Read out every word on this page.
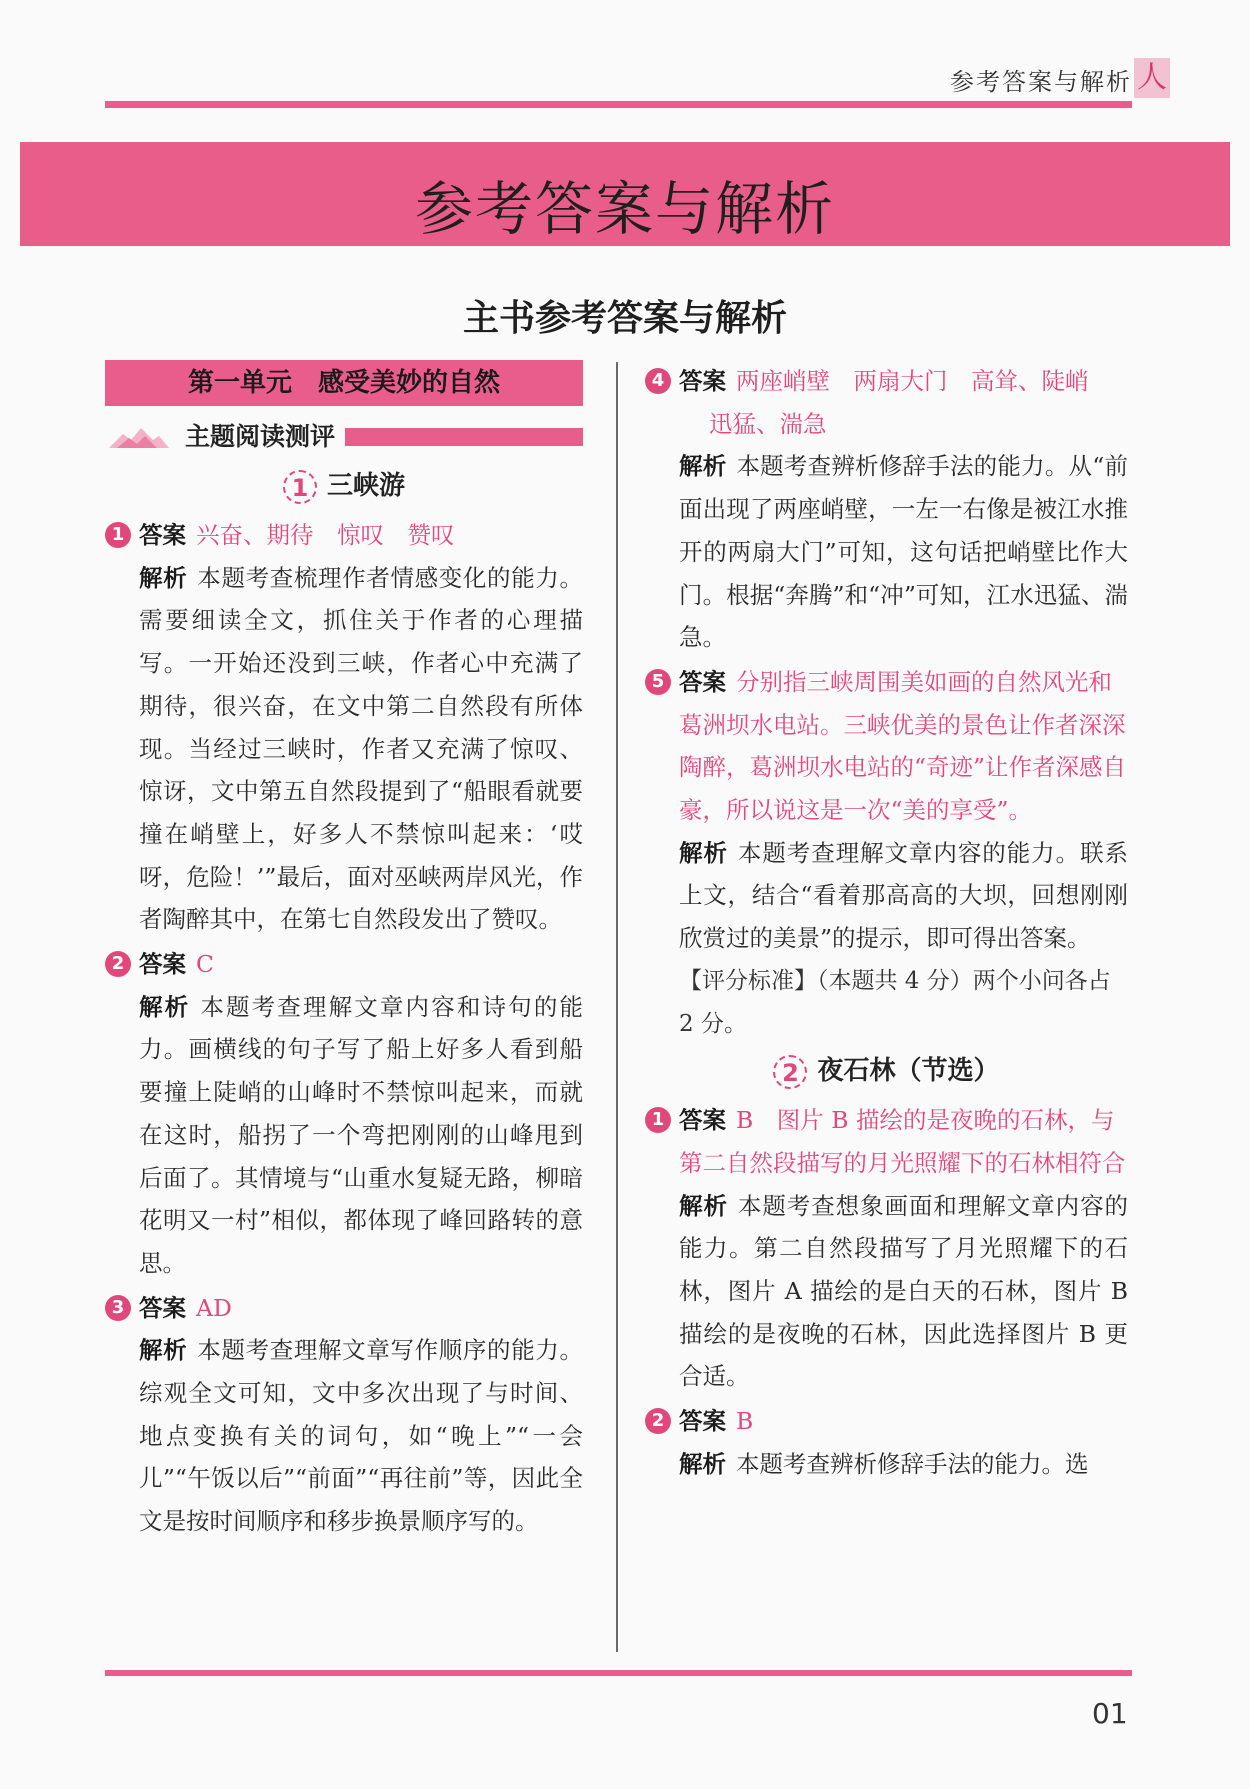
参考答案与解析 人
参考答案与解析
主书参考答案与解析
第一单元　感受美妙的自然
主题阅读测评
1 三峡游
1 答案 兴奋、期待　惊叹　赞叹
解析 本题考查梳理作者情感变化的能力。需要细读全文，抓住关于作者的心理描写。一开始还没到三峡，作者心中充满了期待，很兴奋，在文中第二自然段有所体现。当经过三峡时，作者又充满了惊叹、惊讶，文中第五自然段提到了“船眼看就要撞在峭壁上，好多人不禁惊叫起来：‘哎呀，危险！’”最后，面对巫峡两岸风光，作者陶醉其中，在第七自然段发出了赞叹。
2 答案 C
解析 本题考查理解文章内容和诗句的能力。画横线的句子写了船上好多人看到船要撞上陡峭的山峰时不禁惊叫起来，而就在这时，船拐了一个弯把刚刚的山峰甩到后面了。其情境与“山重水复疑无路，柳暗花明又一村”相似，都体现了峰回路转的意思。
3 答案 AD
解析 本题考查理解文章写作顺序的能力。综观全文可知，文中多次出现了与时间、地点变换有关的词句，如“晚上”“一会儿”“午饭以后”“前面”“再往前”等，因此全文是按时间顺序和移步换景顺序写的。
4 答案 两座峭壁　两扇大门　高耸、陡峭
迅猛、湍急
解析 本题考查辨析修辞手法的能力。从“前面出现了两座峭壁，一左一右像是被江水推开的两扇大门”可知，这句话把峭壁比作大门。根据“奔腾”和“冲”可知，江水迅猛、湍急。
5 答案 分别指三峡周围美如画的自然风光和葛洲坝水电站。三峡优美的景色让作者深深陶醉，葛洲坝水电站的“奇迹”让作者深感自豪，所以说这是一次“美的享受”。
解析 本题考查理解文章内容的能力。联系上文，结合“看着那高高的大坝，回想刚刚欣赏过的美景”的提示，即可得出答案。
【评分标准】（本题共 4 分）两个小问各占 2 分。
2 夜石林（节选）
1 答案 B　图片 B 描绘的是夜晚的石林，与第二自然段描写的月光照耀下的石林相符合
解析 本题考查想象画面和理解文章内容的能力。第二自然段描写了月光照耀下的石林，图片 A 描绘的是白天的石林，图片 B 描绘的是夜晚的石林，因此选择图片 B 更合适。
2 答案 B
解析 本题考查辨析修辞手法的能力。选
01
